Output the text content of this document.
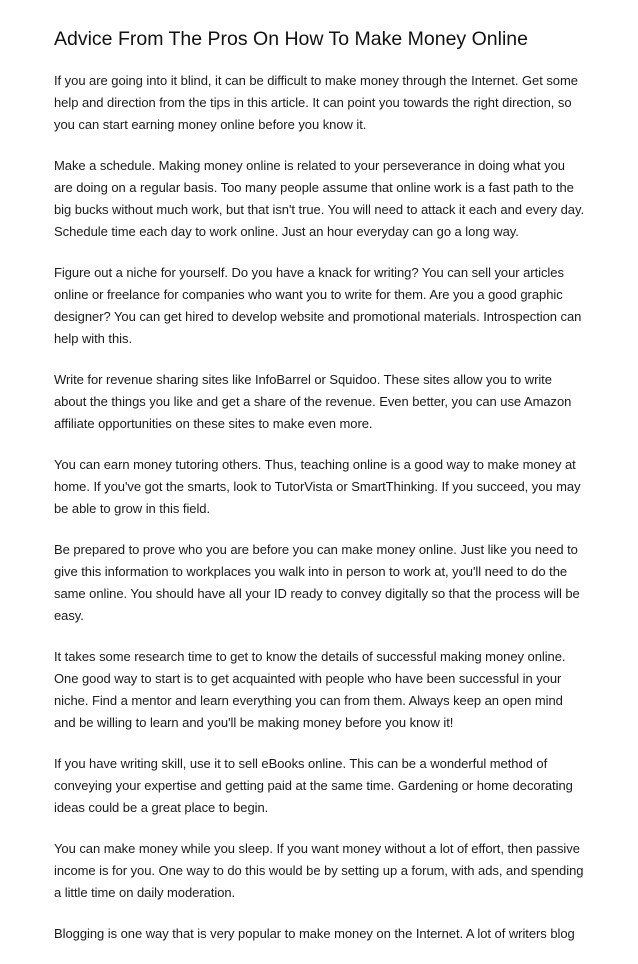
Advice From The Pros On How To Make Money Online

If you are going into it blind, it can be difficult to make money through the Internet. Get some help and direction from the tips in this article. It can point you towards the right direction, so you can start earning money online before you know it.

Make a schedule. Making money online is related to your perseverance in doing what you are doing on a regular basis. Too many people assume that online work is a fast path to the big bucks without much work, but that isn't true. You will need to attack it each and every day. Schedule time each day to work online. Just an hour everyday can go a long way.

Figure out a niche for yourself. Do you have a knack for writing? You can sell your articles online or freelance for companies who want you to write for them. Are you a good graphic designer? You can get hired to develop website and promotional materials. Introspection can help with this.

Write for revenue sharing sites like InfoBarrel or Squidoo. These sites allow you to write about the things you like and get a share of the revenue. Even better, you can use Amazon affiliate opportunities on these sites to make even more.

You can earn money tutoring others. Thus, teaching online is a good way to make money at home. If you've got the smarts, look to TutorVista or SmartThinking. If you succeed, you may be able to grow in this field.

Be prepared to prove who you are before you can make money online. Just like you need to give this information to workplaces you walk into in person to work at, you'll need to do the same online. You should have all your ID ready to convey digitally so that the process will be easy.

It takes some research time to get to know the details of successful making money online. One good way to start is to get acquainted with people who have been successful in your niche. Find a mentor and learn everything you can from them. Always keep an open mind and be willing to learn and you'll be making money before you know it!

If you have writing skill, use it to sell eBooks online. This can be a wonderful method of conveying your expertise and getting paid at the same time. Gardening or home decorating ideas could be a great place to begin.

You can make money while you sleep. If you want money without a lot of effort, then passive income is for you. One way to do this would be by setting up a forum, with ads, and spending a little time on daily moderation.

Blogging is one way that is very popular to make money on the Internet. A lot of writers blog
